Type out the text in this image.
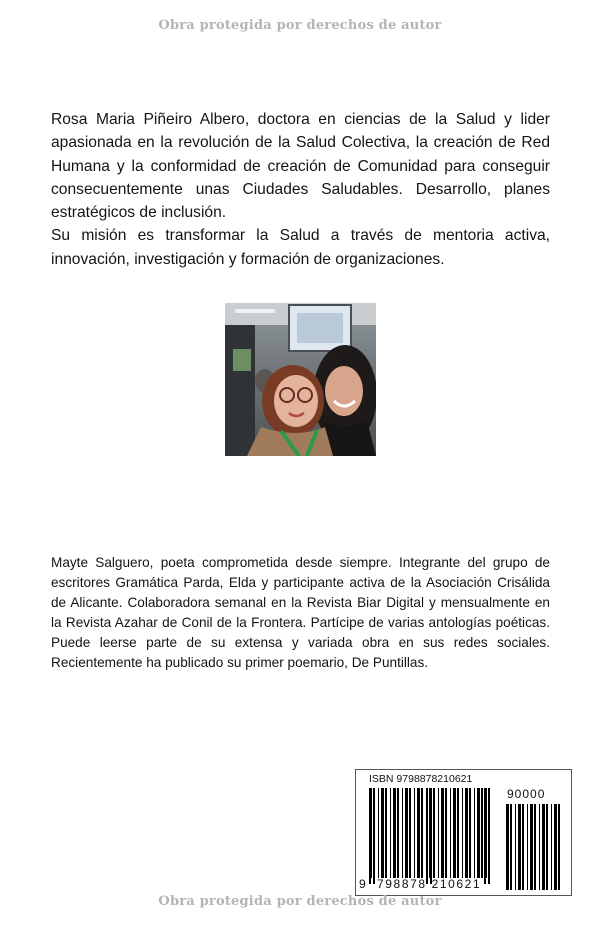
Obra protegida por derechos de autor

Rosa Maria Piñeiro Albero, doctora en ciencias de la Salud y lider apasionada en la revolución de la Salud Colectiva, la creación de Red Humana y la conformidad de creación de Comunidad para conseguir consecuentemente unas Ciudades Saludables. Desarrollo, planes estratégicos de inclusión.

Su misión es transformar la Salud a través de mentoria activa, innovación, investigación y formación de organizaciones.

Mayte Salguero, poeta comprometida desde siempre. Integrante del grupo de escritores Gramática Parda, Elda y participante activa de la Asociación Crisálida de Alicante. Colaboradora semanal en la Revista Biar Digital y mensualmente en la Revista Azahar de Conil de la Frontera. Partícipe de varias antologías poéticas. Puede leerse parte de su extensa y variada obra en sus redes sociales. Recientemente ha publicado su primer poemario, De Puntillas.

ISBN 9798878210621
90000
9 798878 210621
Obra protegida por derechos de autor
